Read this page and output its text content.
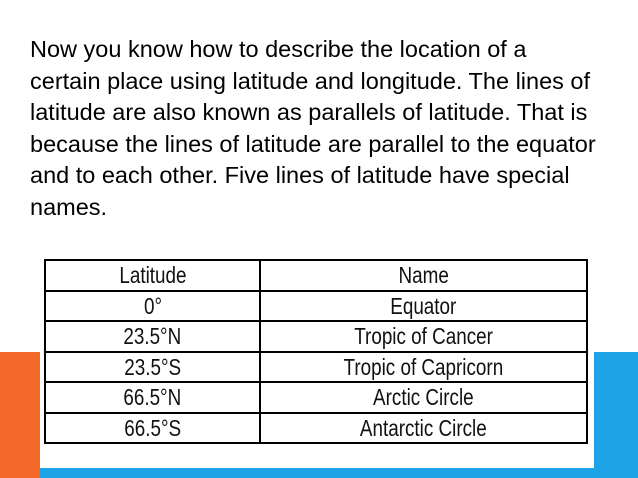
Now you know how to describe the location of a certain place using latitude and longitude. The lines of latitude are also known as parallels of latitude. That is because the lines of latitude are parallel to the equator and to each other. Five lines of latitude have special names.

Latitude	Name
0°	Equator
23.5°N	Tropic of Cancer
23.5°S	Tropic of Capricorn
66.5°N	Arctic Circle
66.5°S	Antarctic Circle
